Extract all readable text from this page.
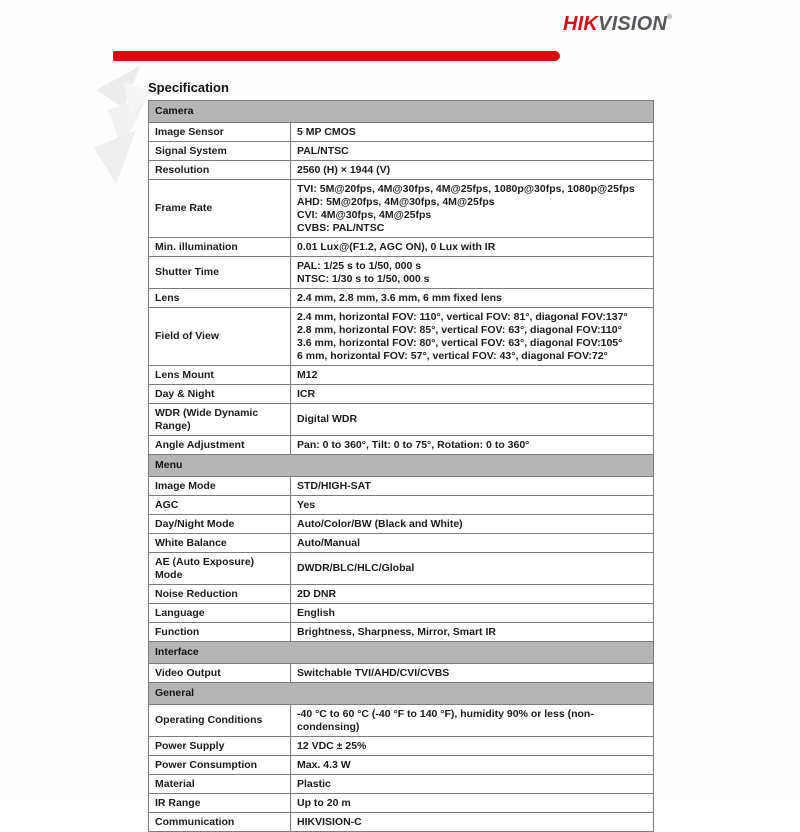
HIKVISION®
Specification
Camera	
Image Sensor	5 MP CMOS

Signal System	PAL/NTSC

Resolution	2560 (H) × 1944 (V)

Frame Rate	TVI: 5M@20fps, 4M@30fps, 4M@25fps, 1080p@30fps, 1080p@25fps
AHD: 5M@20fps, 4M@30fps, 4M@25fps
CVI: 4M@30fps, 4M@25fps
CVBS: PAL/NTSC

Min. illumination	0.01 Lux@(F1.2, AGC ON), 0 Lux with IR

Shutter Time	PAL: 1/25 s to 1/50, 000 s
NTSC: 1/30 s to 1/50, 000 s

Lens	2.4 mm, 2.8 mm, 3.6 mm, 6 mm fixed lens

Field of View	2.4 mm, horizontal FOV: 110°, vertical FOV: 81°, diagonal FOV:137°
2.8 mm, horizontal FOV: 85°, vertical FOV: 63°, diagonal FOV:110°
3.6 mm, horizontal FOV: 80°, vertical FOV: 63°, diagonal FOV:105°
6 mm, horizontal FOV: 57°, vertical FOV: 43°, diagonal FOV:72°

Lens Mount	M12

Day & Night	ICR

WDR (Wide Dynamic Range)	Digital WDR

Angle Adjustment	Pan: 0 to 360°, Tilt: 0 to 75°, Rotation: 0 to 360°

Menu	
Image Mode	STD/HIGH-SAT

AGC	Yes

Day/Night Mode	Auto/Color/BW (Black and White)

White Balance	Auto/Manual

AE (Auto Exposure) Mode	DWDR/BLC/HLC/Global

Noise Reduction	2D DNR

Language	English

Function	Brightness, Sharpness, Mirror, Smart IR

Interface	
Video Output	Switchable TVI/AHD/CVI/CVBS

General	
Operating Conditions	-40 °C to 60 °C (-40 °F to 140 °F), humidity 90% or less (non-condensing)

Power Supply	12 VDC ± 25%

Power Consumption	Max. 4.3 W

Material	Plastic

IR Range	Up to 20 m

Communication	HIKVISION-C
